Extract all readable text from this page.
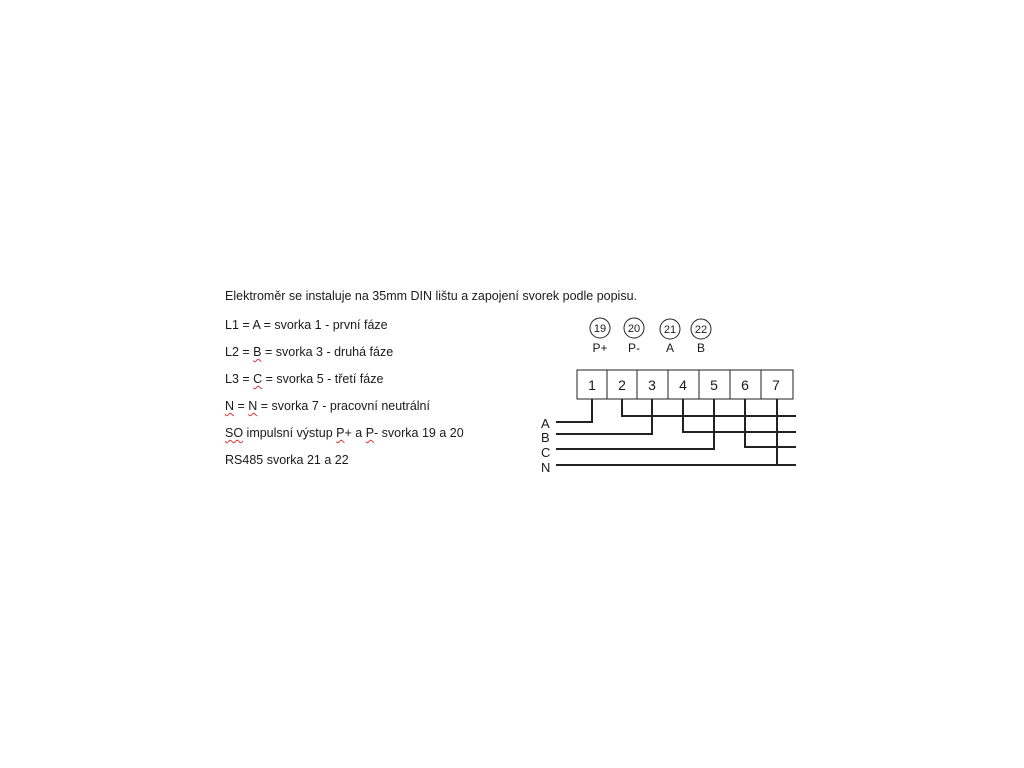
Elektroměr se instaluje na 35mm DIN lištu a zapojení svorek podle popisu.
L1 = A = svorka 1 - první fáze
L2 = B = svorka 3 - druhá fáze
L3 = C = svorka 5 - třetí fáze
N = N = svorka 7 - pracovní neutrální
SO impulsní výstup P+ a P- svorka 19 a 20
RS485 svorka 21 a 22
19
P+
20
P-
21
A
22
B
1 2 3 4 5 6 7
A
B
C
N
